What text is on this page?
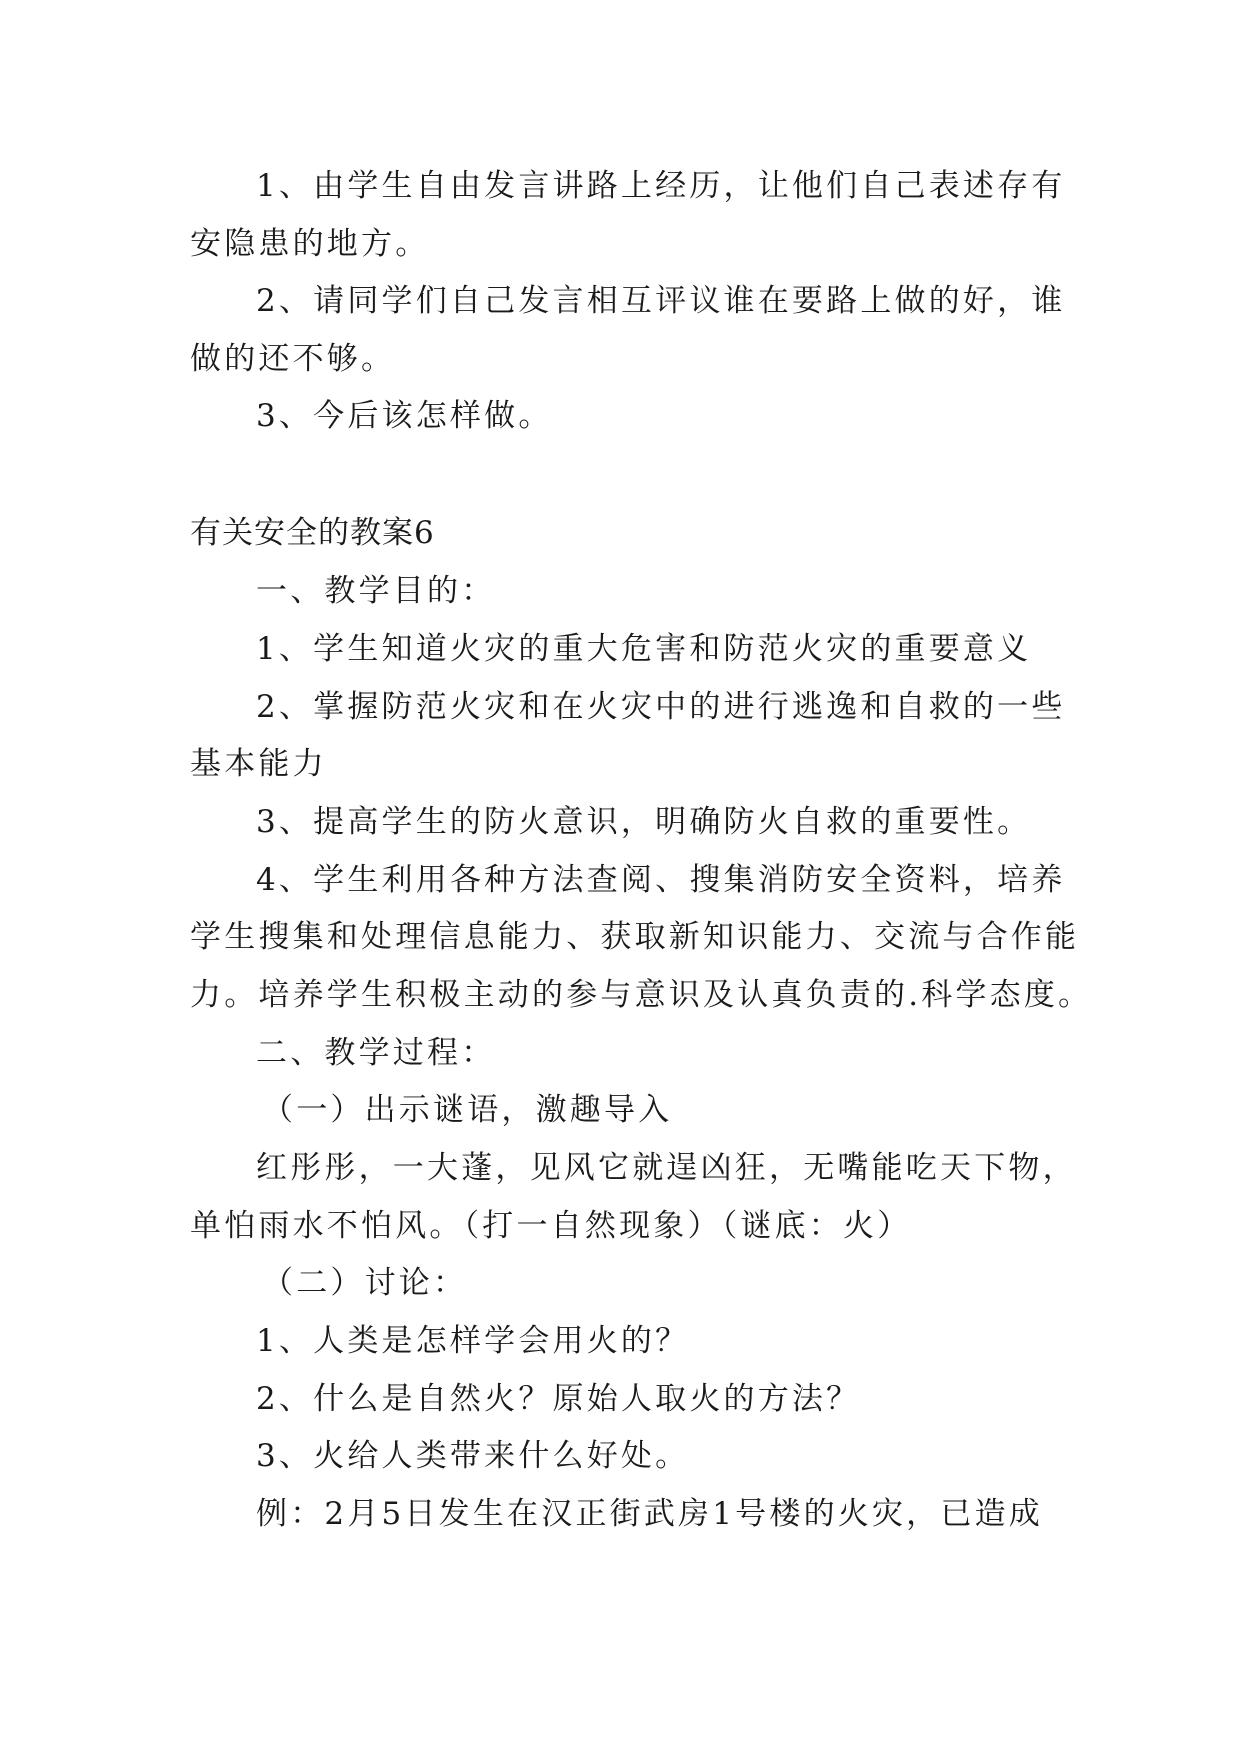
1、由学生自由发言讲路上经历，让他们自己表述存有
安隐患的地方。
2、请同学们自己发言相互评议谁在要路上做的好，谁
做的还不够。
3、今后该怎样做。
有关安全的教案6
一、教学目的：
1、学生知道火灾的重大危害和防范火灾的重要意义
2、掌握防范火灾和在火灾中的进行逃逸和自救的一些
基本能力
3、提高学生的防火意识，明确防火自救的重要性。
4、学生利用各种方法查阅、搜集消防安全资料，培养
学生搜集和处理信息能力、获取新知识能力、交流与合作能
力。培养学生积极主动的参与意识及认真负责的.科学态度。
二、教学过程：
（一）出示谜语，激趣导入
红彤彤，一大蓬，见风它就逞凶狂，无嘴能吃天下物，
单怕雨水不怕风。（打一自然现象）（谜底：火）
（二）讨论：
1、人类是怎样学会用火的？
2、什么是自然火？原始人取火的方法？
3、火给人类带来什么好处。
例：2月5日发生在汉正街武房1号楼的火灾，已造成
